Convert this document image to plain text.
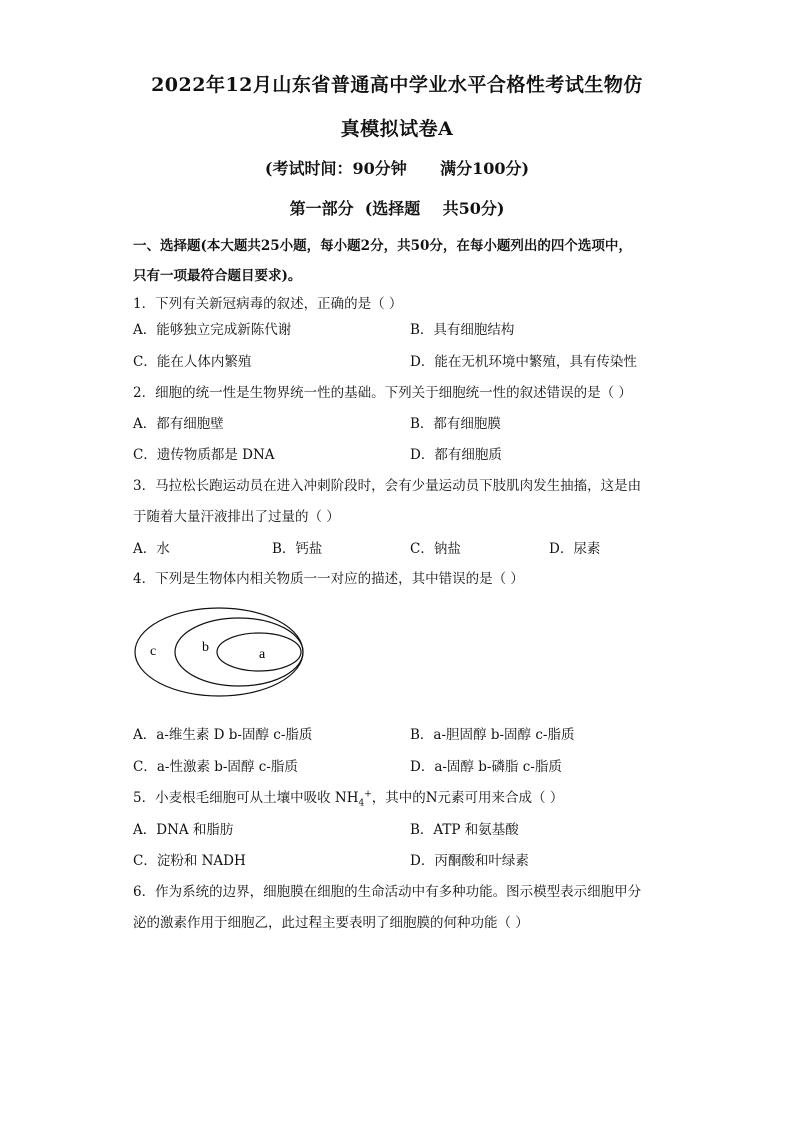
2022年12月山东省普通高中学业水平合格性考试生物仿
真模拟试卷A
(考试时间：90分钟      满分100分)
第一部分  (选择题    共50分)
一、选择题(本大题共25小题，每小题2分，共50分，在每小题列出的四个选项中，
只有一项最符合题目要求)。
1．下列有关新冠病毒的叙述，正确的是（ ）
A．能够独立完成新陈代谢	B．具有细胞结构
C．能在人体内繁殖	D．能在无机环境中繁殖，具有传染性
2．细胞的统一性是生物界统一性的基础。下列关于细胞统一性的叙述错误的是（ ）
A．都有细胞壁	B．都有细胞膜
C．遗传物质都是 DNA	D．都有细胞质
3．马拉松长跑运动员在进入冲刺阶段时，会有少量运动员下肢肌肉发生抽搐，这是由
于随着大量汗液排出了过量的（ ）
A．水	B．钙盐	C．钠盐	D．尿素
4．下列是生物体内相关物质一一对应的描述，其中错误的是（ ）
c	b	a
A．a-维生素 D b-固醇 c-脂质	B．a-胆固醇 b-固醇 c-脂质
C．a-性激素 b-固醇 c-脂质	D．a-固醇 b-磷脂 c-脂质
5．小麦根毛细胞可从土壤中吸收 $NH_4^+$，其中的N元素可用来合成（ ）
A．DNA 和脂肪	B．ATP 和氨基酸
C．淀粉和 NADH	D．丙酮酸和叶绿素
6．作为系统的边界，细胞膜在细胞的生命活动中有多种功能。图示模型表示细胞甲分
泌的激素作用于细胞乙，此过程主要表明了细胞膜的何种功能（ ）
